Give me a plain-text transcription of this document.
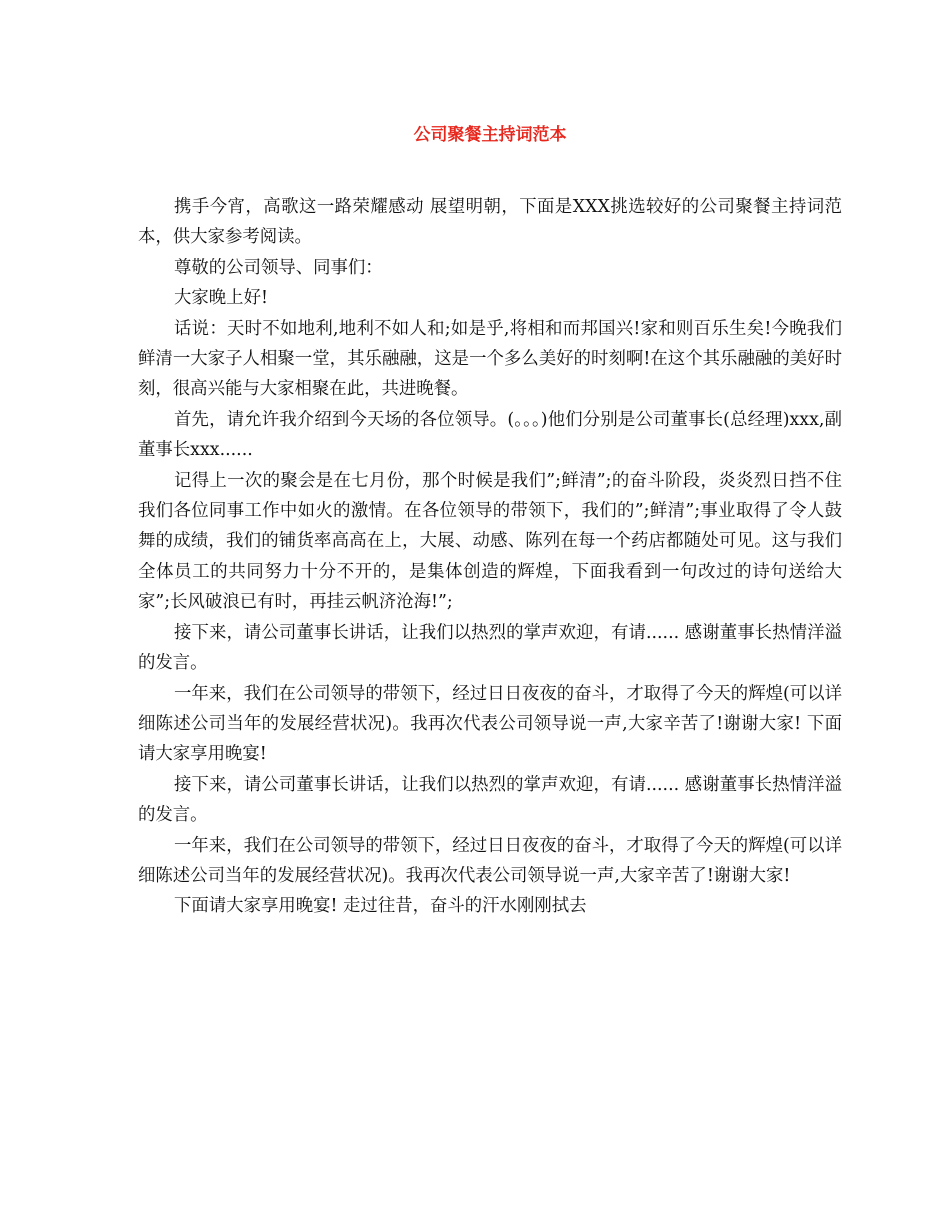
公司聚餐主持词范本

携手今宵，高歌这一路荣耀感动 展望明朝，下面是XXX挑选较好的公司聚餐主持词范本，供大家参考阅读。

尊敬的公司领导、同事们：

大家晚上好!

话说：天时不如地利,地利不如人和;如是乎,将相和而邦国兴!家和则百乐生矣!今晚我们鲜清一大家子人相聚一堂，其乐融融，这是一个多么美好的时刻啊!在这个其乐融融的美好时刻，很高兴能与大家相聚在此，共进晚餐。

首先，请允许我介绍到今天场的各位领导。(。。。)他们分别是公司董事长(总经理)xxx,副董事长xxx......

记得上一次的聚会是在七月份，那个时候是我们”;鲜清”;的奋斗阶段，炎炎烈日挡不住我们各位同事工作中如火的激情。在各位领导的带领下，我们的”;鲜清”;事业取得了令人鼓舞的成绩，我们的铺货率高高在上，大展、动感、陈列在每一个药店都随处可见。这与我们全体员工的共同努力十分不开的，是集体创造的辉煌，下面我看到一句改过的诗句送给大家”;长风破浪已有时，再挂云帆济沧海!”;

接下来，请公司董事长讲话，让我们以热烈的掌声欢迎，有请...... 感谢董事长热情洋溢的发言。

一年来，我们在公司领导的带领下，经过日日夜夜的奋斗，才取得了今天的辉煌(可以详细陈述公司当年的发展经营状况)。我再次代表公司领导说一声,大家辛苦了!谢谢大家! 下面请大家享用晚宴!

接下来，请公司董事长讲话，让我们以热烈的掌声欢迎，有请...... 感谢董事长热情洋溢的发言。

一年来，我们在公司领导的带领下，经过日日夜夜的奋斗，才取得了今天的辉煌(可以详细陈述公司当年的发展经营状况)。我再次代表公司领导说一声,大家辛苦了!谢谢大家!

下面请大家享用晚宴! 走过往昔，奋斗的汗水刚刚拭去
